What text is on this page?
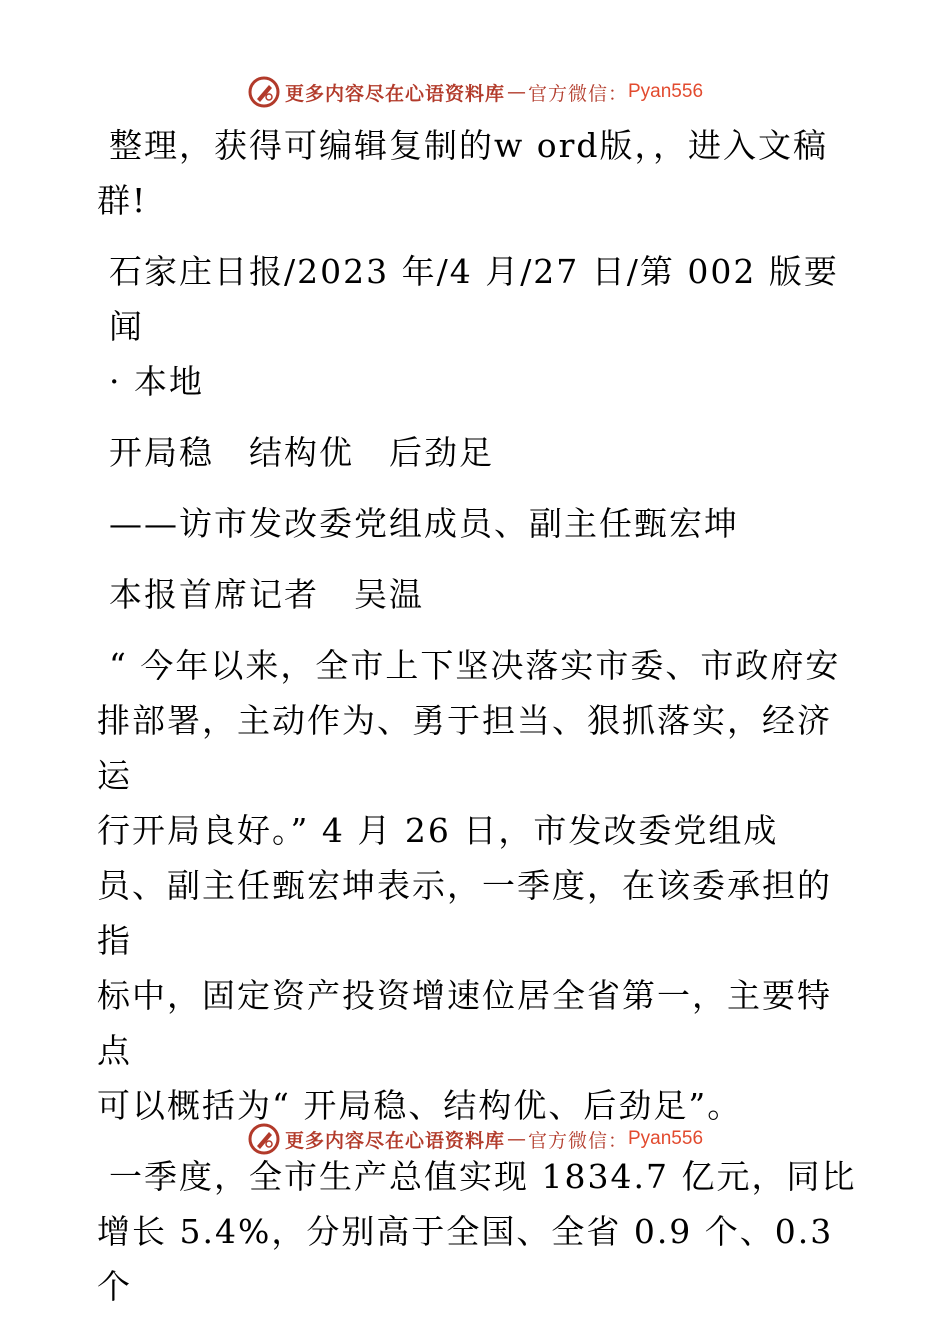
更多内容尽在心语资料库 — 官方微信： Pyan556
整理，获得可编辑复制的w ord版，，进入文稿
群!
石家庄日报/2023 年/4 月/27 日/第 002 版要闻
· 本地
开局稳　结构优　后劲足
——访市发改委党组成员、副主任甄宏坤
本报首席记者　吴温
“ 今年以来，全市上下坚决落实市委、市政府安
排部署，主动作为、勇于担当、狠抓落实，经济运
行开局良好。” 4 月 26 日，市发改委党组成
员、副主任甄宏坤表示，一季度，在该委承担的指
标中，固定资产投资增速位居全省第一，主要特点
可以概括为“ 开局稳、结构优、后劲足”。
一季度，全市生产总值实现 1834.7 亿元，同比
增长 5.4%，分别高于全国、全省 0.9 个、0.3个
更多内容尽在心语资料库 — 官方微信： Pyan556
